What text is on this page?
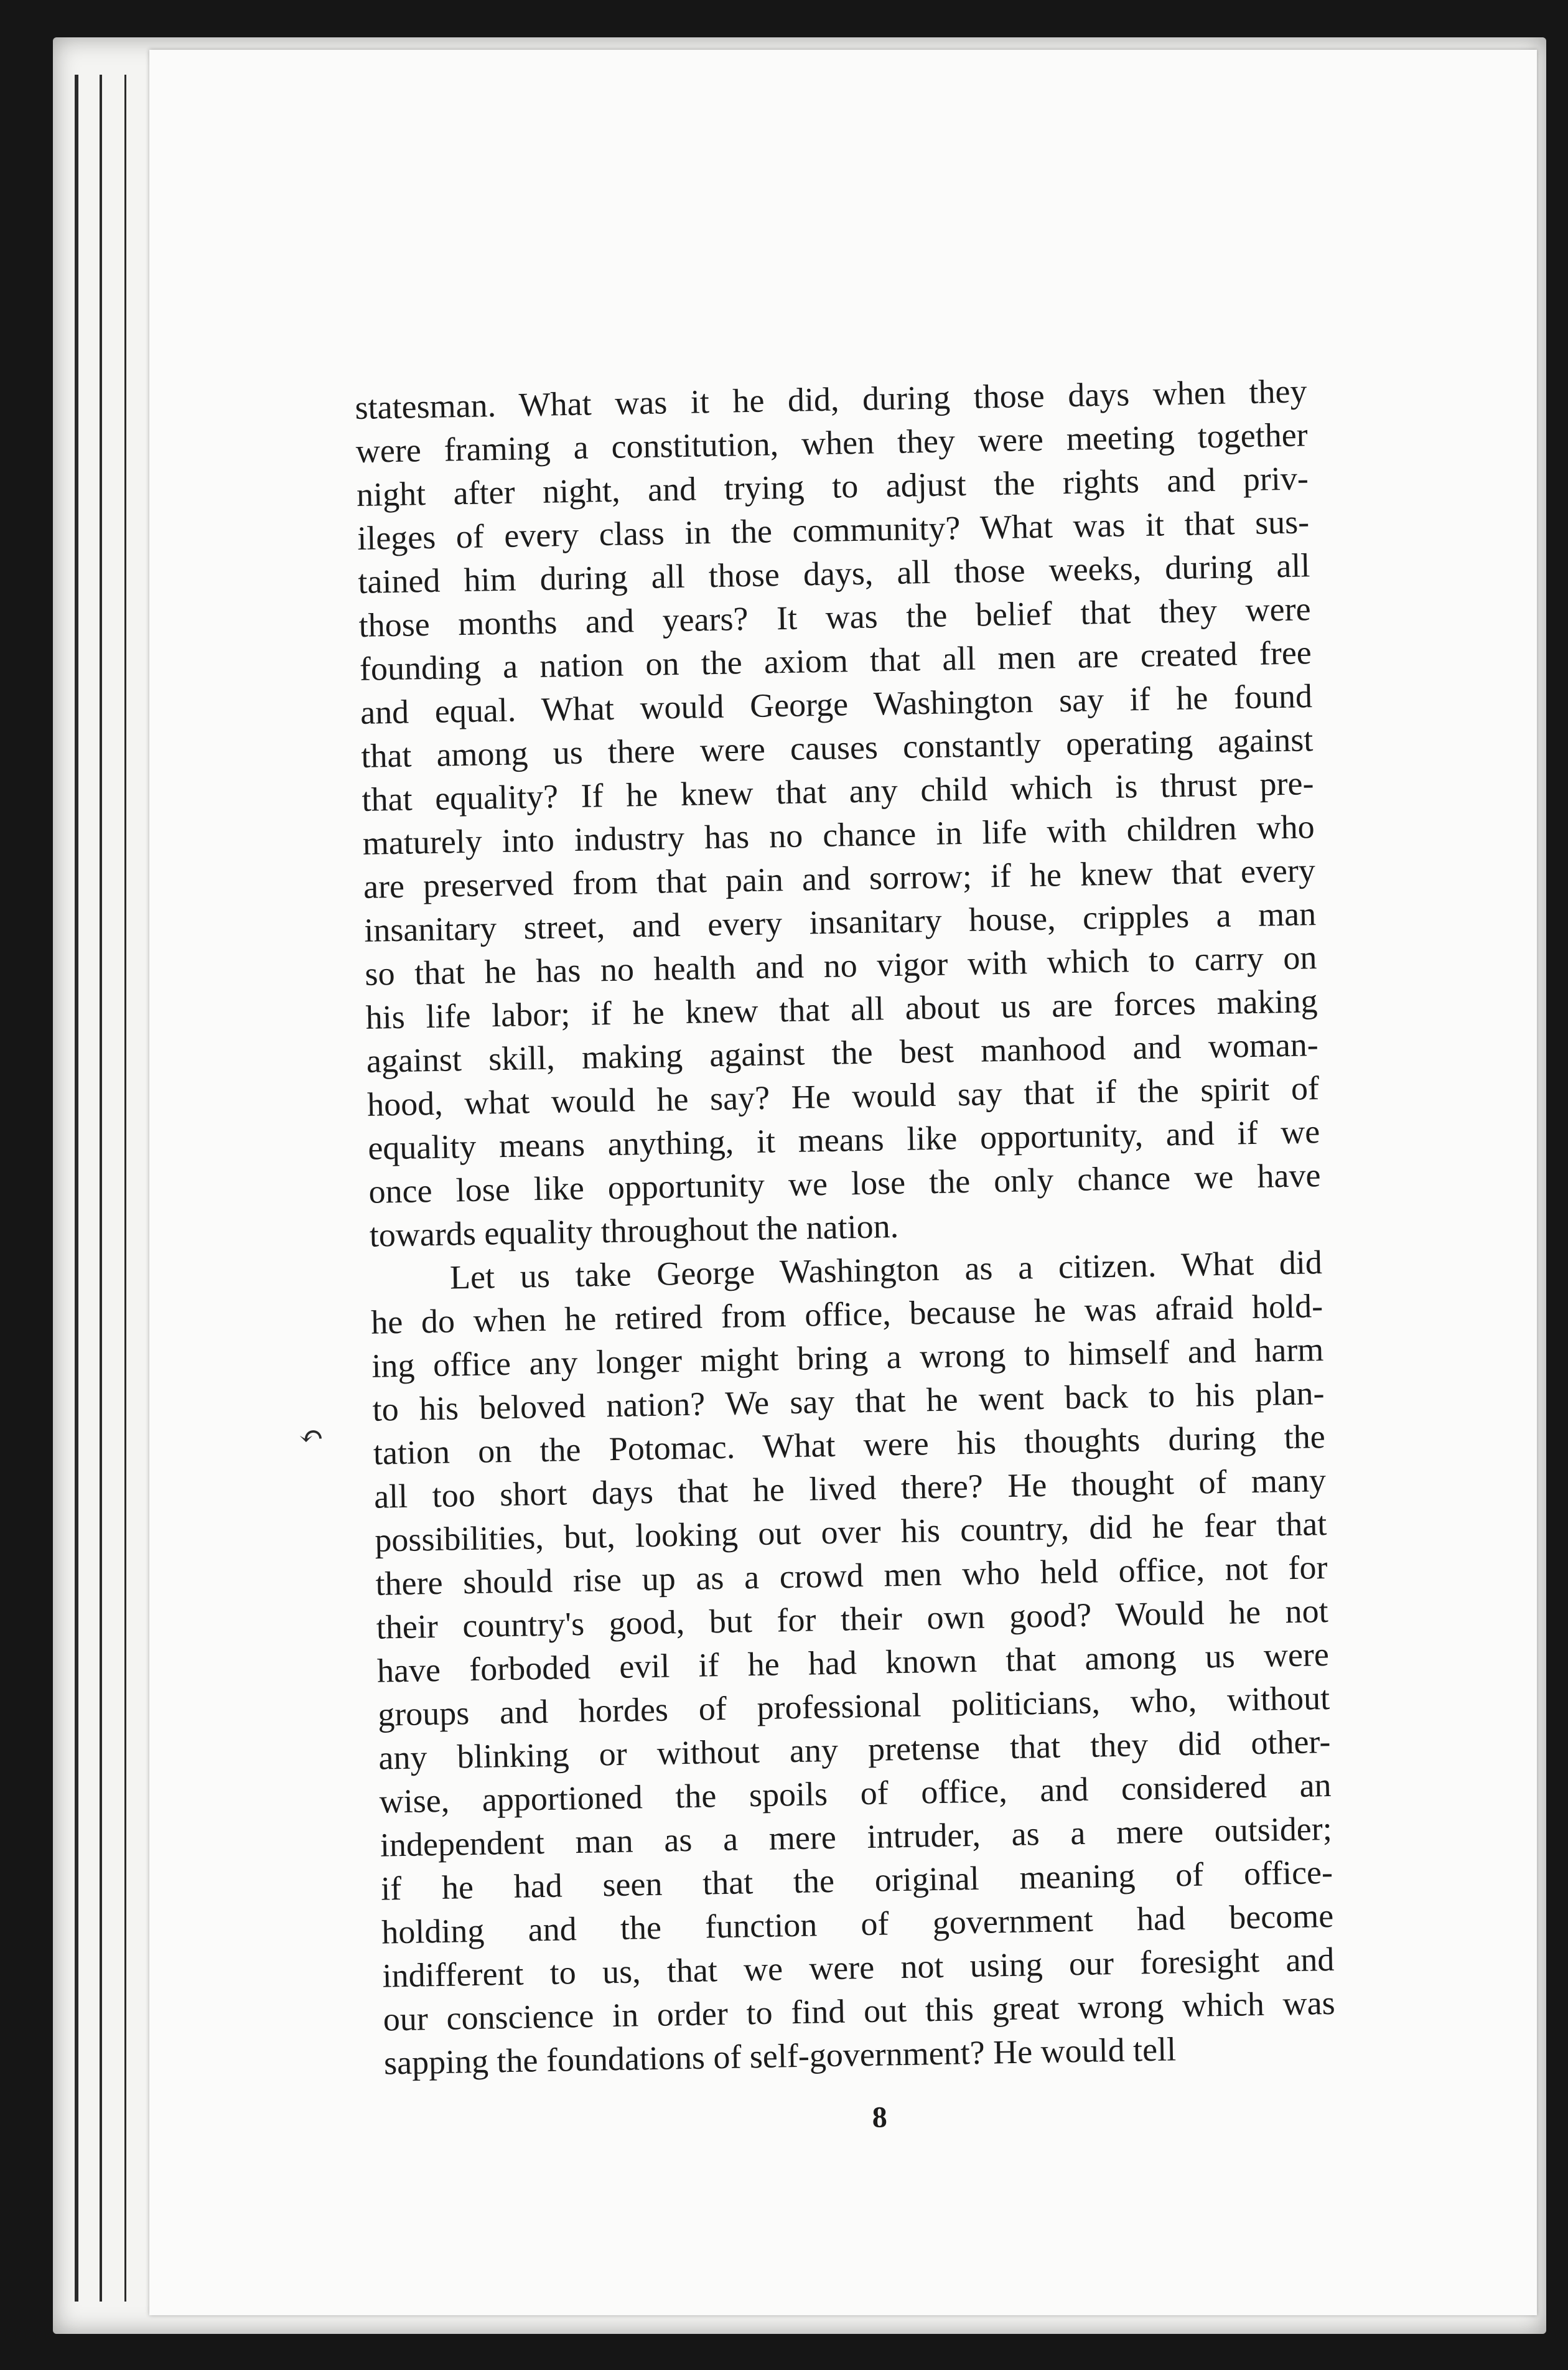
statesman. What was it he did, during those days when they
were framing a constitution, when they were meeting together
night after night, and trying to adjust the rights and priv-
ileges of every class in the community? What was it that sus-
tained him during all those days, all those weeks, during all
those months and years? It was the belief that they were
founding a nation on the axiom that all men are created free
and equal. What would George Washington say if he found
that among us there were causes constantly operating against
that equality? If he knew that any child which is thrust pre-
maturely into industry has no chance in life with children who
are preserved from that pain and sorrow; if he knew that every
insanitary street, and every insanitary house, cripples a man
so that he has no health and no vigor with which to carry on
his life labor; if he knew that all about us are forces making
against skill, making against the best manhood and woman-
hood, what would he say? He would say that if the spirit of
equality means anything, it means like opportunity, and if we
once lose like opportunity we lose the only chance we have
towards equality throughout the nation.
Let us take George Washington as a citizen. What did
he do when he retired from office, because he was afraid hold-
ing office any longer might bring a wrong to himself and harm
to his beloved nation? We say that he went back to his plan-
tation on the Potomac. What were his thoughts during the
all too short days that he lived there? He thought of many
possibilities, but, looking out over his country, did he fear that
there should rise up as a crowd men who held office, not for
their country's good, but for their own good? Would he not
have forboded evil if he had known that among us were
groups and hordes of professional politicians, who, without
any blinking or without any pretense that they did other-
wise, apportioned the spoils of office, and considered an
independent man as a mere intruder, as a mere outsider;
if he had seen that the original meaning of office-
holding and the function of government had become
indifferent to us, that we were not using our foresight and
our conscience in order to find out this great wrong which was
sapping the foundations of self-government? He would tell
8
↶
